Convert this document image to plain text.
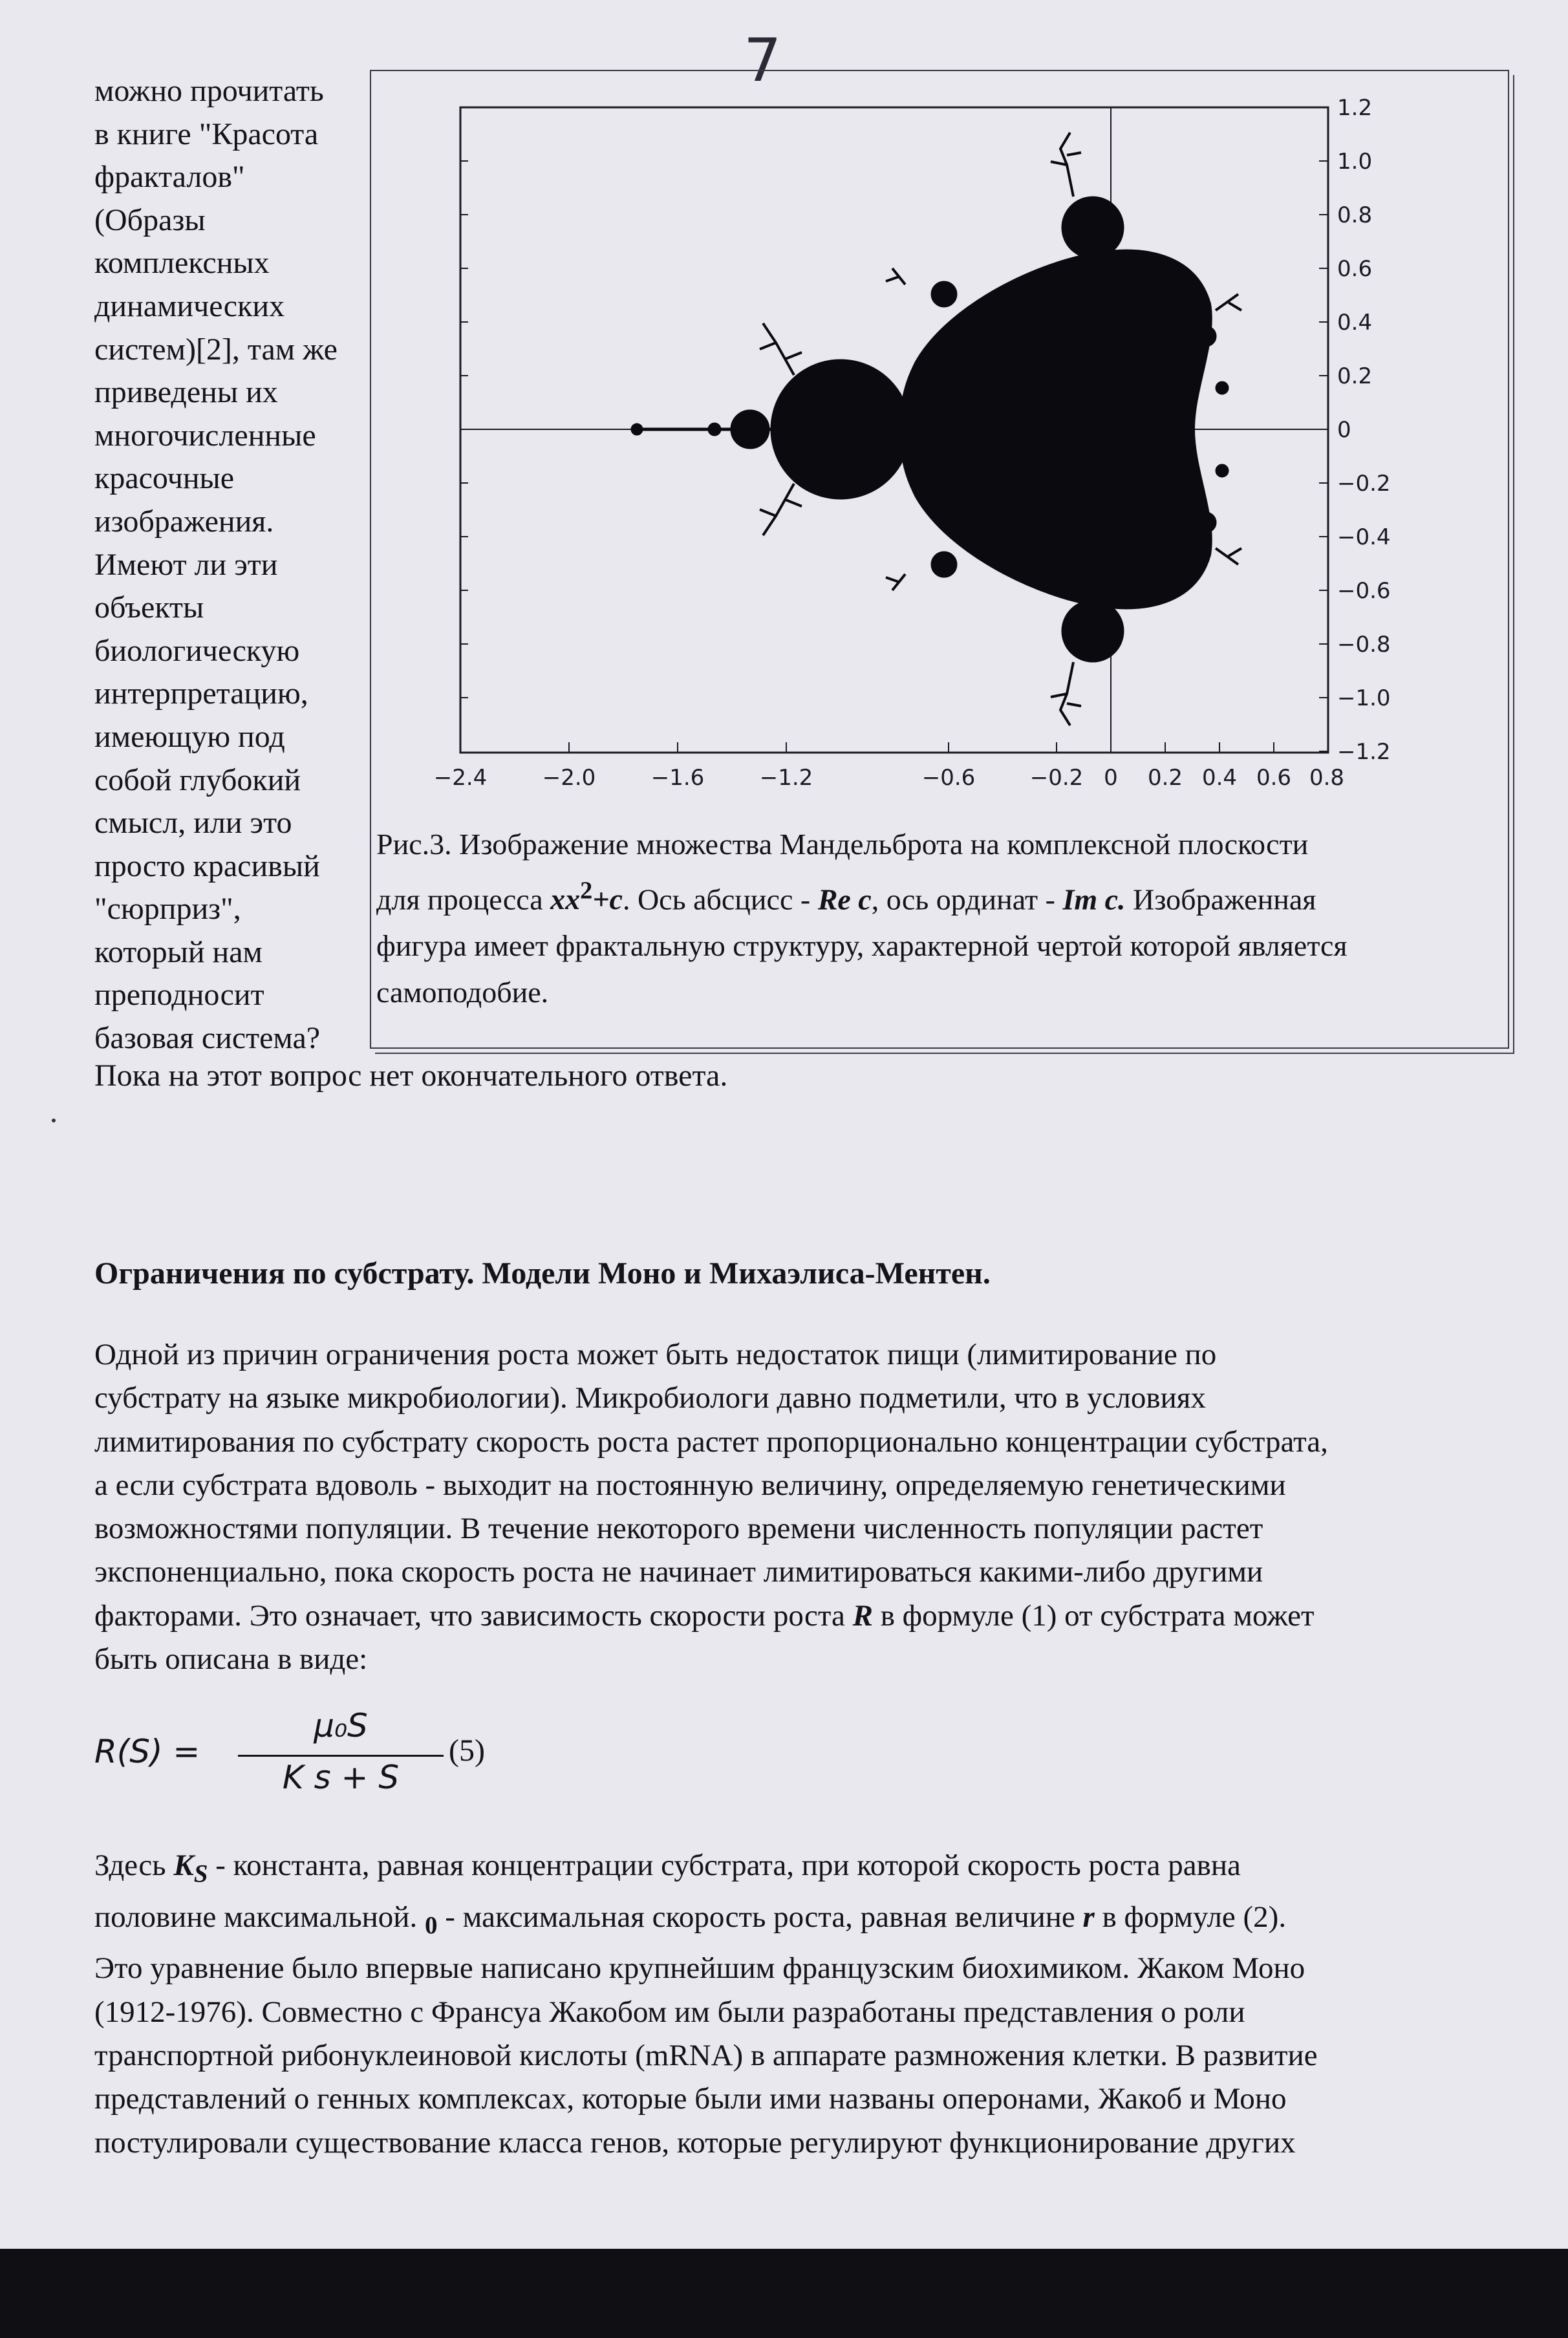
7
можно прочитать
в книге "Красота
фракталов"
(Образы
комплексных
динамических
систем)[2], там же
приведены их
многочисленные
красочные
изображения.
Имеют ли эти
объекты
биологическую
интерпретацию,
имеющую под
собой глубокий
смысл, или это
просто красивый
"сюрприз",
который нам
преподносит
базовая система?
−2.4	−2.0	−1.6	−1.2	−0.6 −0.2 0 0.2 0.4 0.6 0.8
1.2
1.0
0.8
0.6
0.4
0.2
0
−0.2
−0.4
−0.6
−0.8
−1.0
−1.2
Рис.3. Изображение множества Мандельброта на комплексной плоскости
для процесса $xx^2+c$. Ось абсцисс - Re c, ось ординат - Im c. Изображенная
фигура имеет фрактальную структуру, характерной чертой которой является
самоподобие.
Пока на этот вопрос нет окончательного ответа.
Ограничения по субстрату. Модели Моно и Михаэлиса-Ментен.
Одной из причин ограничения роста может быть недостаток пищи (лимитирование по
субстрату на языке микробиологии). Микробиологи давно подметили, что в условиях
лимитирования по субстрату скорость роста растет пропорционально концентрации субстрата,
а если субстрата вдоволь - выходит на постоянную величину, определяемую генетическими
возможностями популяции. В течение некоторого времени численность популяции растет
экспоненциально, пока скорость роста не начинает лимитироваться какими-либо другими
факторами. Это означает, что зависимость скорости роста R в формуле (1) от субстрата может
быть описана в виде:
R(S) =
μ₀S
K s + S
(5)
Здесь $K_S$ - константа, равная концентрации субстрата, при которой скорость роста равна
половине максимальной. $_0$ - максимальная скорость роста, равная величине r в формуле (2).
Это уравнение было впервые написано крупнейшим французским биохимиком. Жаком Моно
(1912-1976). Совместно с Франсуа Жакобом им были разработаны представления о роли
транспортной рибонуклеиновой кислоты (mRNA) в аппарате размножения клетки. В развитие
представлений о генных комплексах, которые были ими названы оперонами, Жакоб и Моно
постулировали существование класса генов, которые регулируют функционирование других
